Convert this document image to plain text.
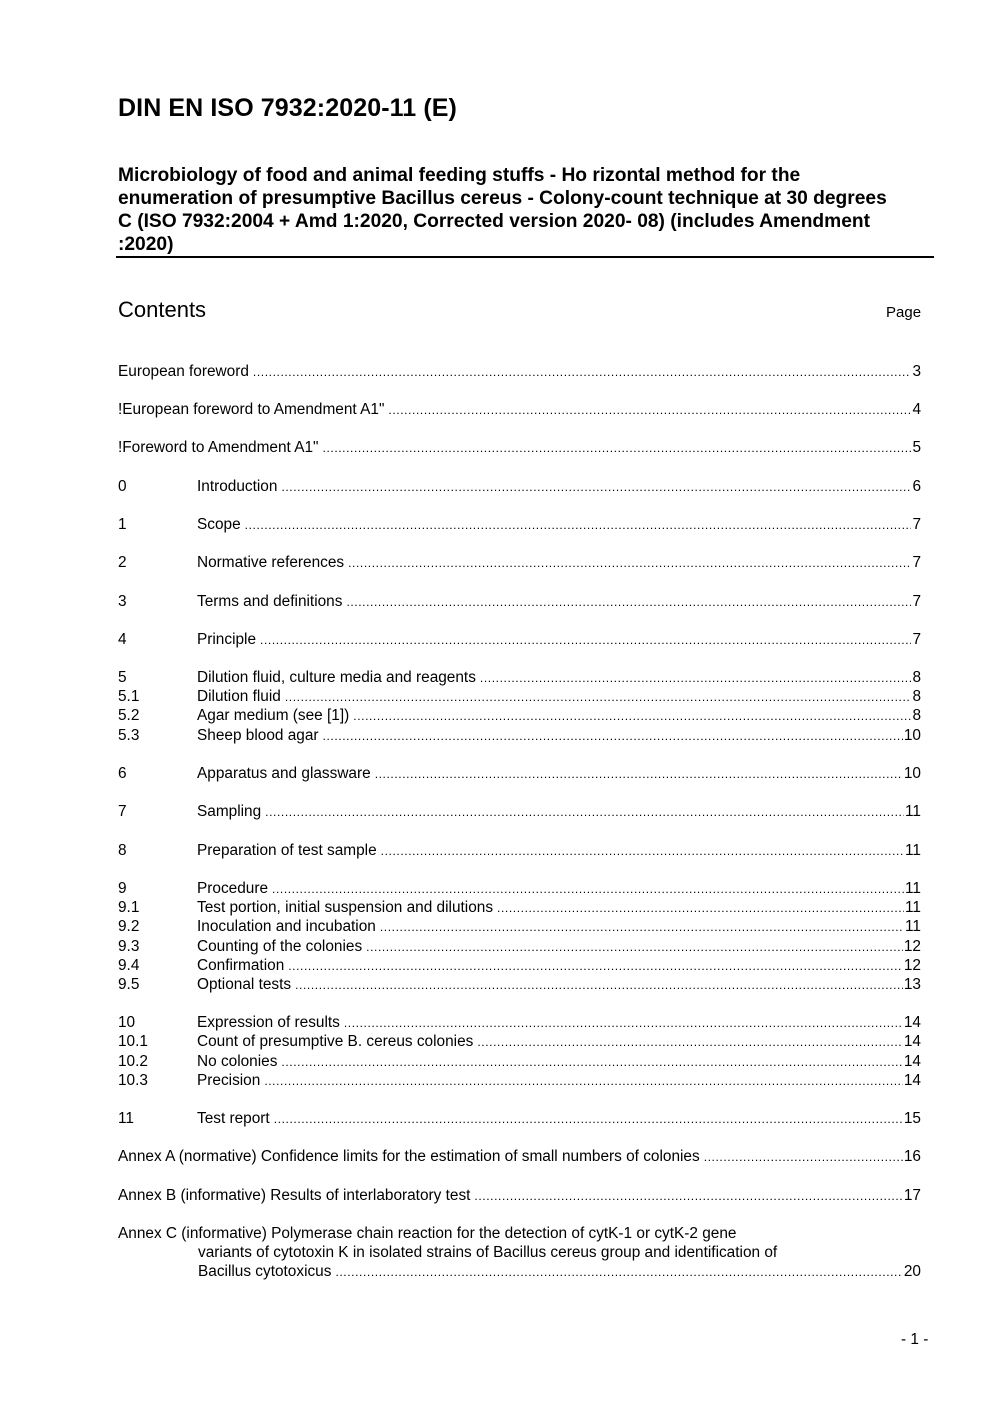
DIN EN ISO 7932:2020-11 (E)
Microbiology of food and animal feeding stuffs - Ho rizontal method for the
enumeration of presumptive Bacillus cereus - Colony-count technique at 30 degrees
C (ISO 7932:2004 + Amd 1:2020, Corrected version 2020- 08) (includes Amendment
:2020)
Contents	Page
European foreword .....	3
!European foreword to Amendment A1" .....	4
!Foreword to Amendment A1" .....	5
0	Introduction .....	6
1	Scope .....	7
2	Normative references .....	7
3	Terms and definitions .....	7
4	Principle .....	7
5	Dilution fluid, culture media and reagents .....	8
5.1	Dilution fluid .....	8
5.2	Agar medium (see [1]) .....	8
5.3	Sheep blood agar .....	10
6	Apparatus and glassware .....	10
7	Sampling .....	11
8	Preparation of test sample .....	11
9	Procedure .....	11
9.1	Test portion, initial suspension and dilutions .....	11
9.2	Inoculation and incubation .....	11
9.3	Counting of the colonies .....	12
9.4	Confirmation .....	12
9.5	Optional tests .....	13
10	Expression of results .....	14
10.1	Count of presumptive B. cereus colonies .....	14
10.2	No colonies .....	14
10.3	Precision .....	14
11	Test report .....	15
Annex A (normative) Confidence limits for the estimation of small numbers of colonies .....	16
Annex B (informative) Results of interlaboratory test .....	17
Annex C (informative) Polymerase chain reaction for the detection of cytK-1 or cytK-2 gene
variants of cytotoxin K in isolated strains of Bacillus cereus group and identification of
Bacillus cytotoxicus .....	20
- 1 -
